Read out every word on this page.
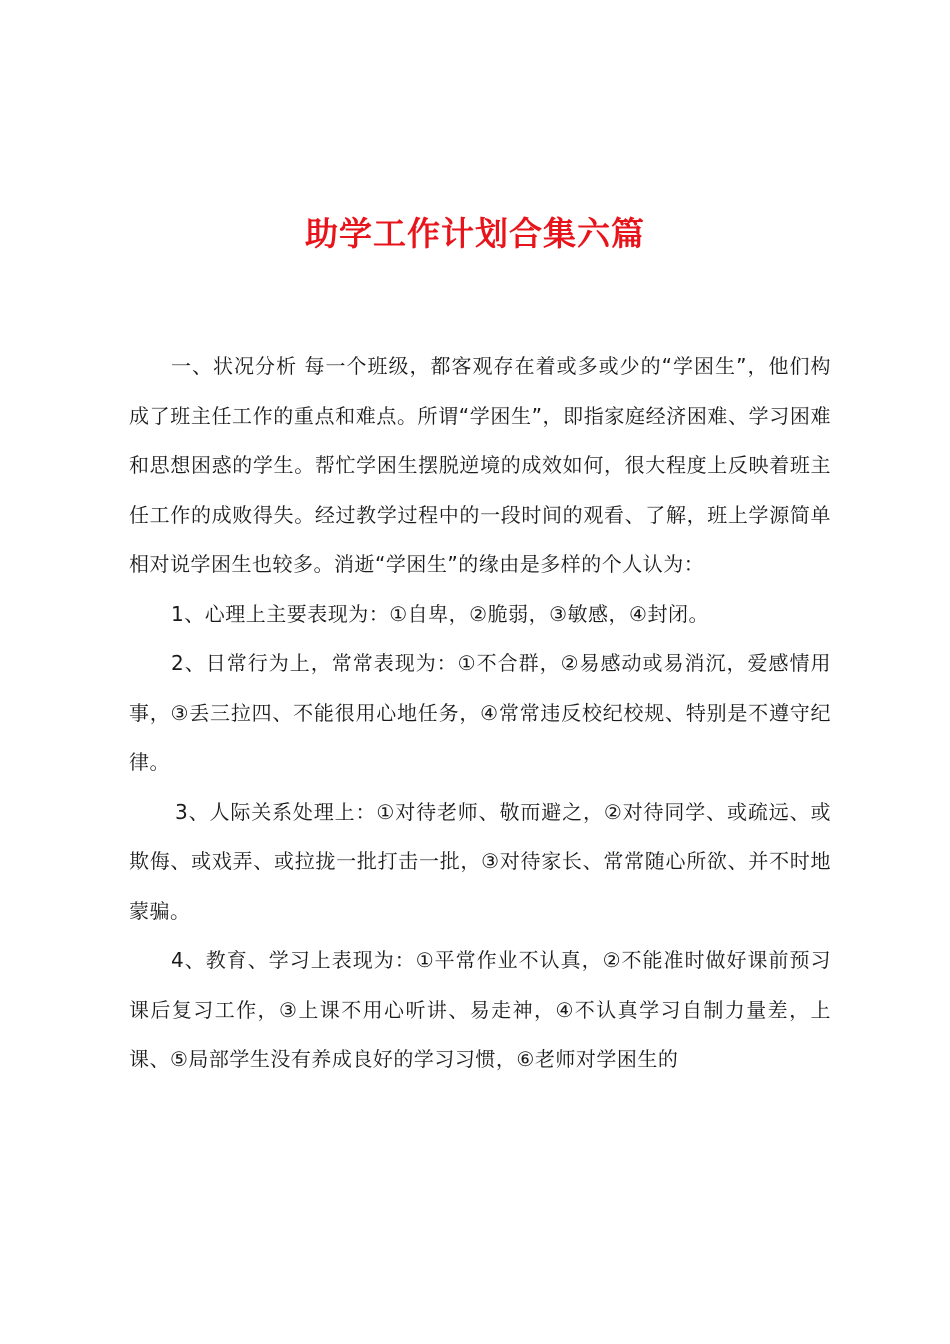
助学工作计划合集六篇

一、状况分析 每一个班级，都客观存在着或多或少的“学困生”，他们构成了班主任工作的重点和难点。所谓“学困生”，即指家庭经济困难、学习困难和思想困惑的学生。帮忙学困生摆脱逆境的成效如何，很大程度上反映着班主任工作的成败得失。经过教学过程中的一段时间的观看、了解，班上学源简单相对说学困生也较多。消逝“学困生”的缘由是多样的个人认为：

1、心理上主要表现为：①自卑，②脆弱，③敏感，④封闭。

2、日常行为上，常常表现为：①不合群，②易感动或易消沉，爱感情用事，③丢三拉四、不能很用心地任务，④常常违反校纪校规、特别是不遵守纪律。

3、人际关系处理上：①对待老师、敬而避之，②对待同学、或疏远、或欺侮、或戏弄、或拉拢一批打击一批，③对待家长、常常随心所欲、并不时地蒙骗。

4、教育、学习上表现为：①平常作业不认真，②不能准时做好课前预习课后复习工作，③上课不用心听讲、易走神，④不认真学习自制力量差，上课、⑤局部学生没有养成良好的学习习惯，⑥老师对学困生的
